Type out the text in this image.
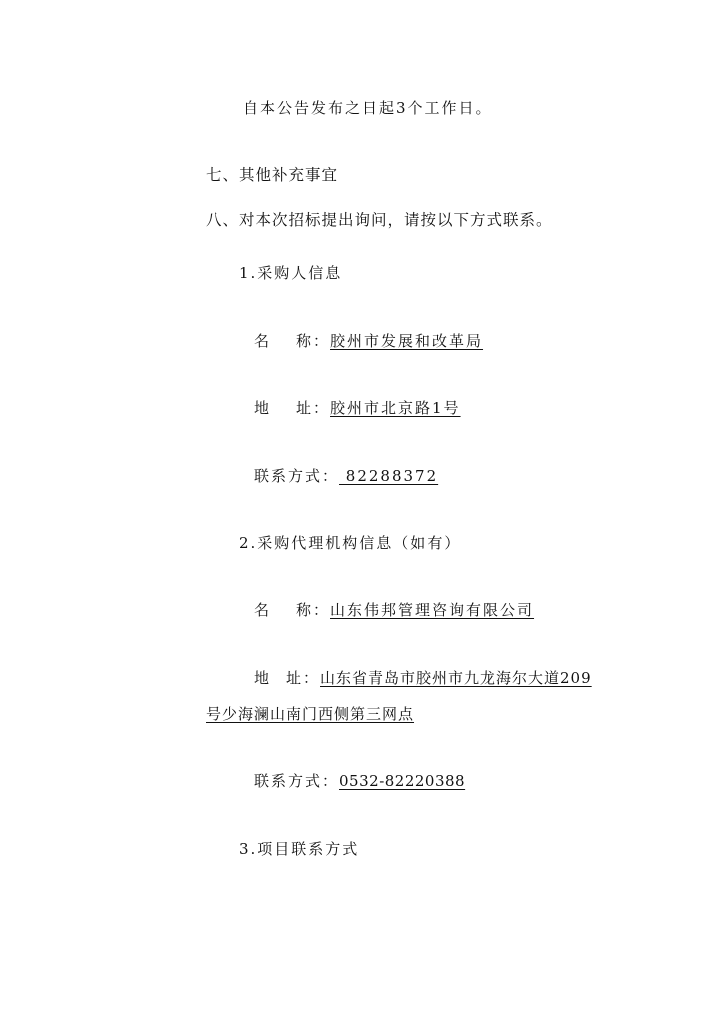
自本公告发布之日起3个工作日。
七、其他补充事宜
八、对本次招标提出询问，请按以下方式联系。
1.采购人信息
名 称：胶州市发展和改革局
地 址：胶州市北京路1号
联系方式： 82288372
2.采购代理机构信息（如有）
名 称：山东伟邦管理咨询有限公司
地 址：山东省青岛市胶州市九龙海尔大道209
号少海澜山南门西侧第三网点
联系方式：0532-82220388
3.项目联系方式
